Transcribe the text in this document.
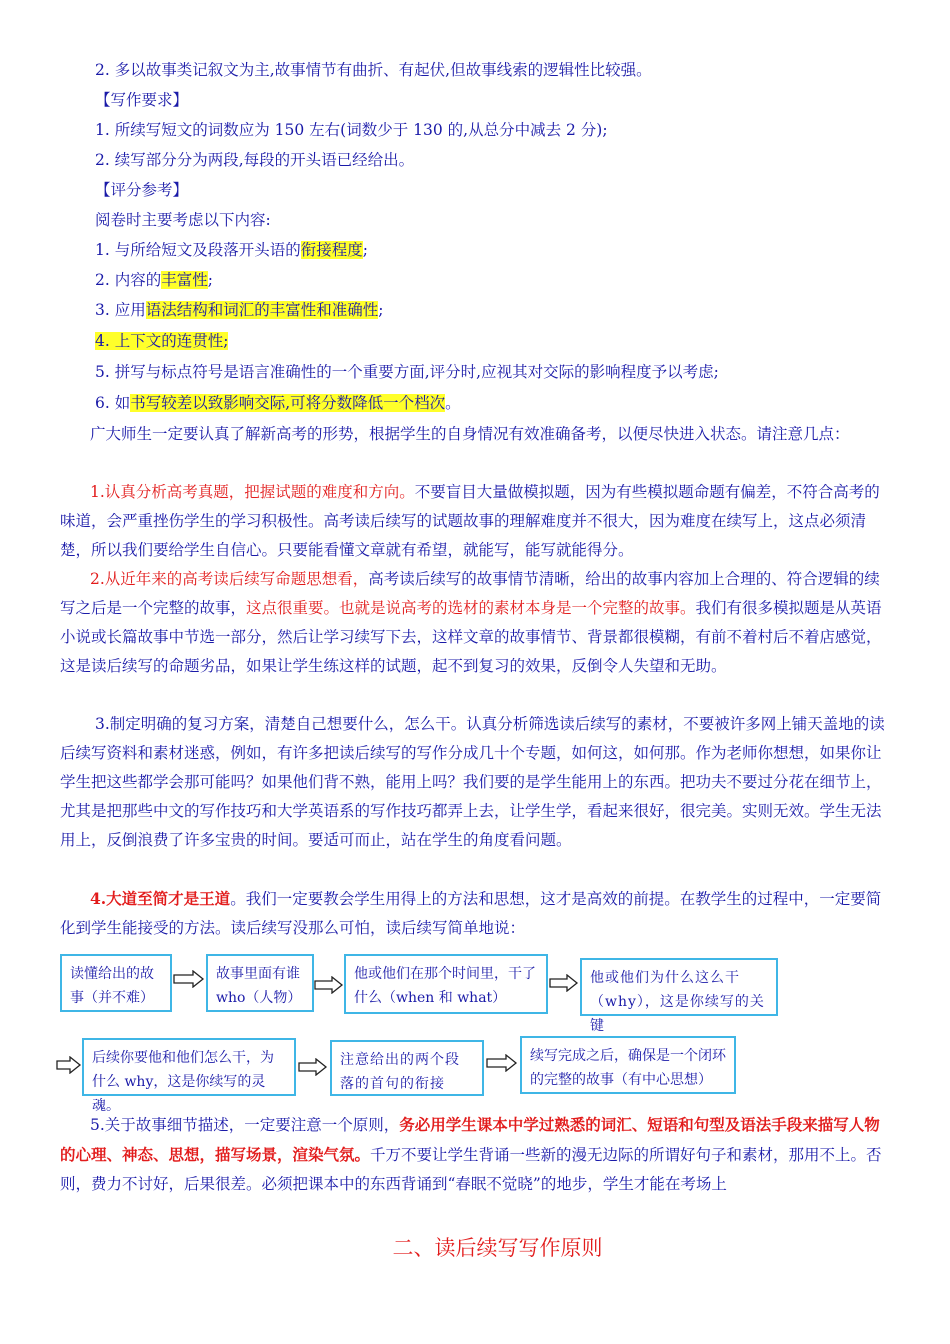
2. 多以故事类记叙文为主,故事情节有曲折、有起伏,但故事线索的逻辑性比较强。
【写作要求】
1. 所续写短文的词数应为 150 左右(词数少于 130 的,从总分中减去 2 分);
2. 续写部分分为两段,每段的开头语已经给出。
【评分参考】
阅卷时主要考虑以下内容:
1. 与所给短文及段落开头语的衔接程度;
2. 内容的丰富性;
3. 应用语法结构和词汇的丰富性和准确性;
4. 上下文的连贯性;
5. 拼写与标点符号是语言准确性的一个重要方面,评分时,应视其对交际的影响程度予以考虑;
6. 如书写较差以致影响交际,可将分数降低一个档次。
广大师生一定要认真了解新高考的形势，根据学生的自身情况有效准确备考，以便尽快进入状态。请注意几点：
1.认真分析高考真题，把握试题的难度和方向。不要盲目大量做模拟题，因为有些模拟题命题有偏差，不符合高考的味道，会严重挫伤学生的学习积极性。高考读后续写的试题故事的理解难度并不很大，因为难度在续写上，这点必须清楚，所以我们要给学生自信心。只要能看懂文章就有希望，就能写，能写就能得分。
2.从近年来的高考读后续写命题思想看，高考读后续写的故事情节清晰，给出的故事内容加上合理的、符合逻辑的续写之后是一个完整的故事，这点很重要。也就是说高考的选材的素材本身是一个完整的故事。我们有很多模拟题是从英语小说或长篇故事中节选一部分，然后让学习续写下去，这样文章的故事情节、背景都很模糊，有前不着村后不着店感觉，这是读后续写的命题劣品，如果让学生练这样的试题，起不到复习的效果，反倒令人失望和无助。
3.制定明确的复习方案，清楚自己想要什么，怎么干。认真分析筛选读后续写的素材，不要被许多网上铺天盖地的读后续写资料和素材迷惑，例如，有许多把读后续写的写作分成几十个专题，如何这，如何那。作为老师你想想，如果你让学生把这些都学会那可能吗？如果他们背不熟，能用上吗？我们要的是学生能用上的东西。把功夫不要过分花在细节上，尤其是把那些中文的写作技巧和大学英语系的写作技巧都弄上去，让学生学，看起来很好，很完美。实则无效。学生无法用上，反倒浪费了许多宝贵的时间。要适可而止，站在学生的角度看问题。
4.大道至简才是王道。我们一定要教会学生用得上的方法和思想，这才是高效的前提。在教学生的过程中，一定要简化到学生能接受的方法。读后续写没那么可怕，读后续写简单地说：
读懂给出的故事（并不难）
故事里面有谁 who（人物）
他或他们在那个时间里，干了什么（when 和 what）
他或他们为什么这么干（why），这是你续写的关键
后续你要他和他们怎么干，为什么 why，这是你续写的灵魂。
注意给出的两个段落的首句的衔接
续写完成之后，确保是一个闭环的完整的故事（有中心思想）
5.关于故事细节描述，一定要注意一个原则，务必用学生课本中学过熟悉的词汇、短语和句型及语法手段来描写人物的心理、神态、思想，描写场景，渲染气氛。千万不要让学生背诵一些新的漫无边际的所谓好句子和素材，那用不上。否则，费力不讨好，后果很差。必须把课本中的东西背诵到“春眠不觉晓”的地步，学生才能在考场上
二、读后续写写作原则
